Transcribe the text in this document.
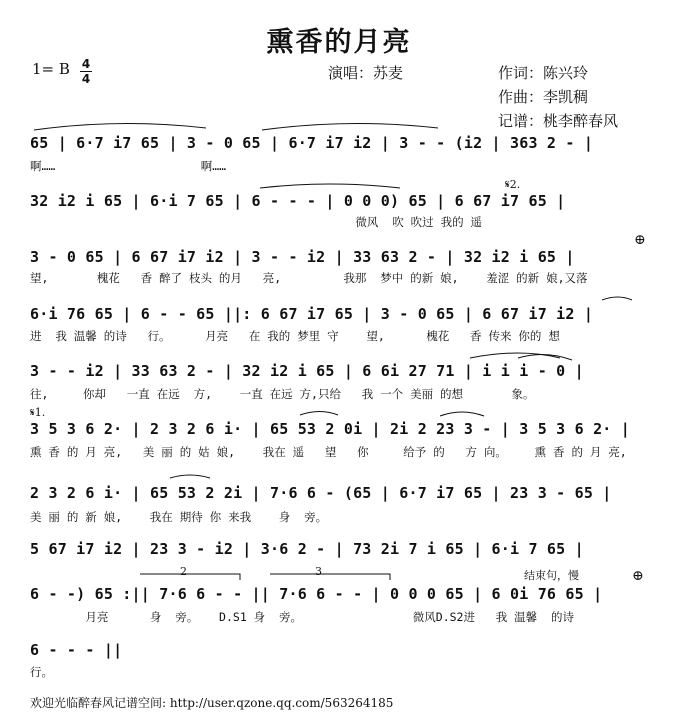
熏香的月亮
1= B 4
4	演唱：苏麦	作词：陈兴玲
作曲：李凯稠
记谱：桃李醉春风
65 | 6·7 i7 65 | 3 - 0 65 | 6·7 i7 i2 | 3 - - (i2 | 363 2 - |
啊……                     啊……
32 i2 i 65 | 6·i 7 65 | 6 - - - | 0 0 0) 65 | 6 67 i7 65 |
微风  吹 吹过 我的 遥
3 - 0 65 | 6 67 i7 i2 | 3 - - i2 | 33 63 2 - | 32 i2 i 65 |
望,       槐花   香 醉了 枝头 的月   亮,         我那  梦中 的新 娘,    羞涩 的新 娘,又落
6·i 76 65 | 6 - - 65 ||: 6 67 i7 65 | 3 - 0 65 | 6 67 i7 i2 |
进  我 温馨 的诗   行。     月亮   在 我的 梦里 守    望,      槐花   香 传来 你的 想
3 - - i2 | 33 63 2 - | 32 i2 i 65 | 6 6i 27 71 | i i i - 0 |
往,     你却   一直 在远  方,    一直 在远 方,只给   我 一个 美丽 的想       象。
3 5 3 6 2· | 2 3 2 6 i· | 65 53 2 0i | 2i 2 23 3 - | 3 5 3 6 2· |
熏 香 的 月 亮,   美 丽 的 姑 娘,    我在 遥   望   你     给予 的   方 向。    熏 香 的 月 亮,
2 3 2 6 i· | 65 53 2 2i | 7·6 6 - (65 | 6·7 i7 65 | 23 3 - 65 |
美 丽 的 新 娘,    我在 期待 你 来我    身  旁。
5 67 i7 i2 | 23 3 - i2 | 3·6 2 - | 73 2i 7 i 65 | 6·i 7 65 |
6 - -) 65 :|| 7·6 6 - - || 7·6 6 - - | 0 0 0 65 | 6 0i 76 65 |
月亮      身  旁。   D.S1 身  旁。                微风D.S2进   我 温馨  的诗
6 - - - ||
行。
𝄋2.
𝄋1.
⊕
⊕
结束句，慢
2	3
欢迎光临醉春风记谱空间: http://user.qzone.qq.com/563264185
